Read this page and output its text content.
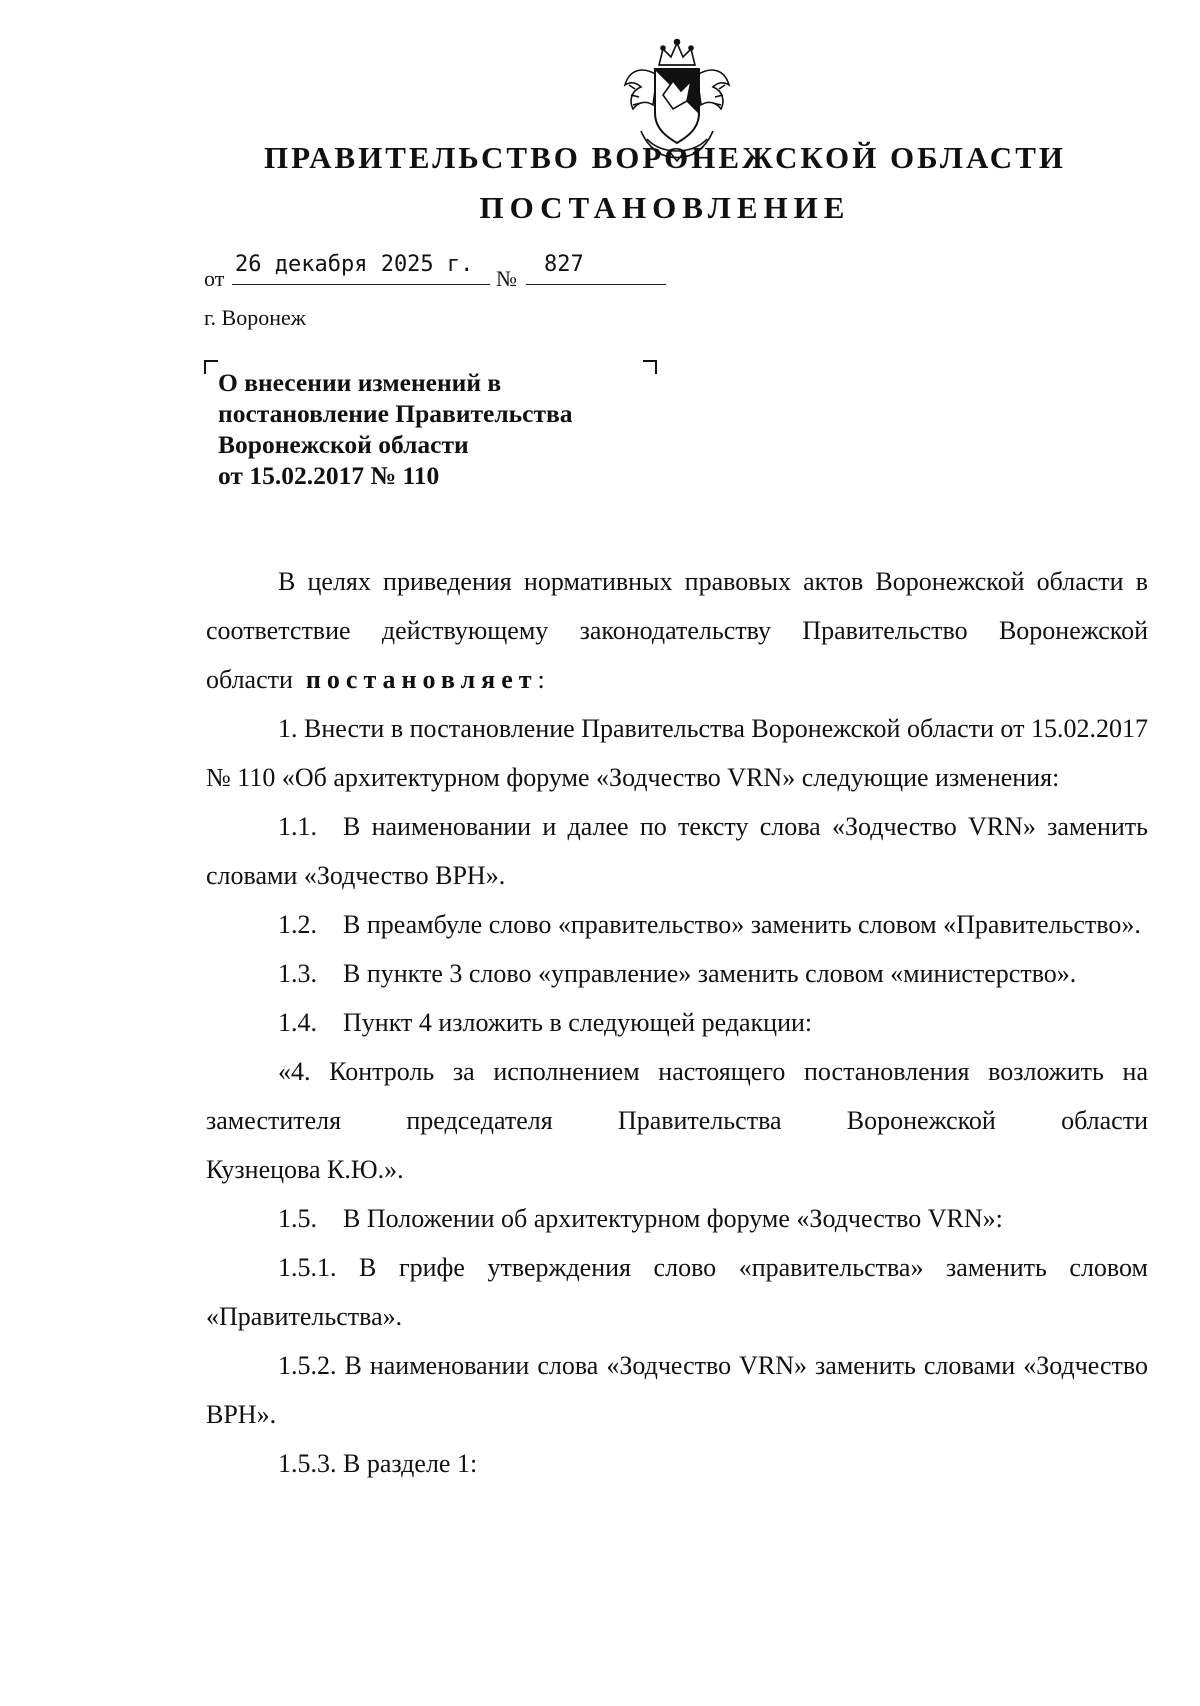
ПРАВИТЕЛЬСТВО ВОРОНЕЖСКОЙ ОБЛАСТИ
ПОСТАНОВЛЕНИЕ
от
26 декабря 2025 г.
№
827
г. Воронеж
О внесении изменений в
постановление Правительства
Воронежской области
от 15.02.2017 № 110
В целях приведения нормативных правовых актов Воронежской области в соответствие действующему законодательству Правительство Воронежской области постановляет:
1. Внести в постановление Правительства Воронежской области от 15.02.2017 № 110 «Об архитектурном форуме «Зодчество VRN» следующие изменения:
1.1. В наименовании и далее по тексту слова «Зодчество VRN» заменить словами «Зодчество ВРН».
1.2. В преамбуле слово «правительство» заменить словом «Правительство».
1.3. В пункте 3 слово «управление» заменить словом «министерство».
1.4. Пункт 4 изложить в следующей редакции:
«4. Контроль за исполнением настоящего постановления возложить на заместителя председателя Правительства Воронежской области
Кузнецова К.Ю.».
1.5. В Положении об архитектурном форуме «Зодчество VRN»:
1.5.1. В грифе утверждения слово «правительства» заменить словом «Правительства».
1.5.2. В наименовании слова «Зодчество VRN» заменить словами «Зодчество ВРН».
1.5.3. В разделе 1:
